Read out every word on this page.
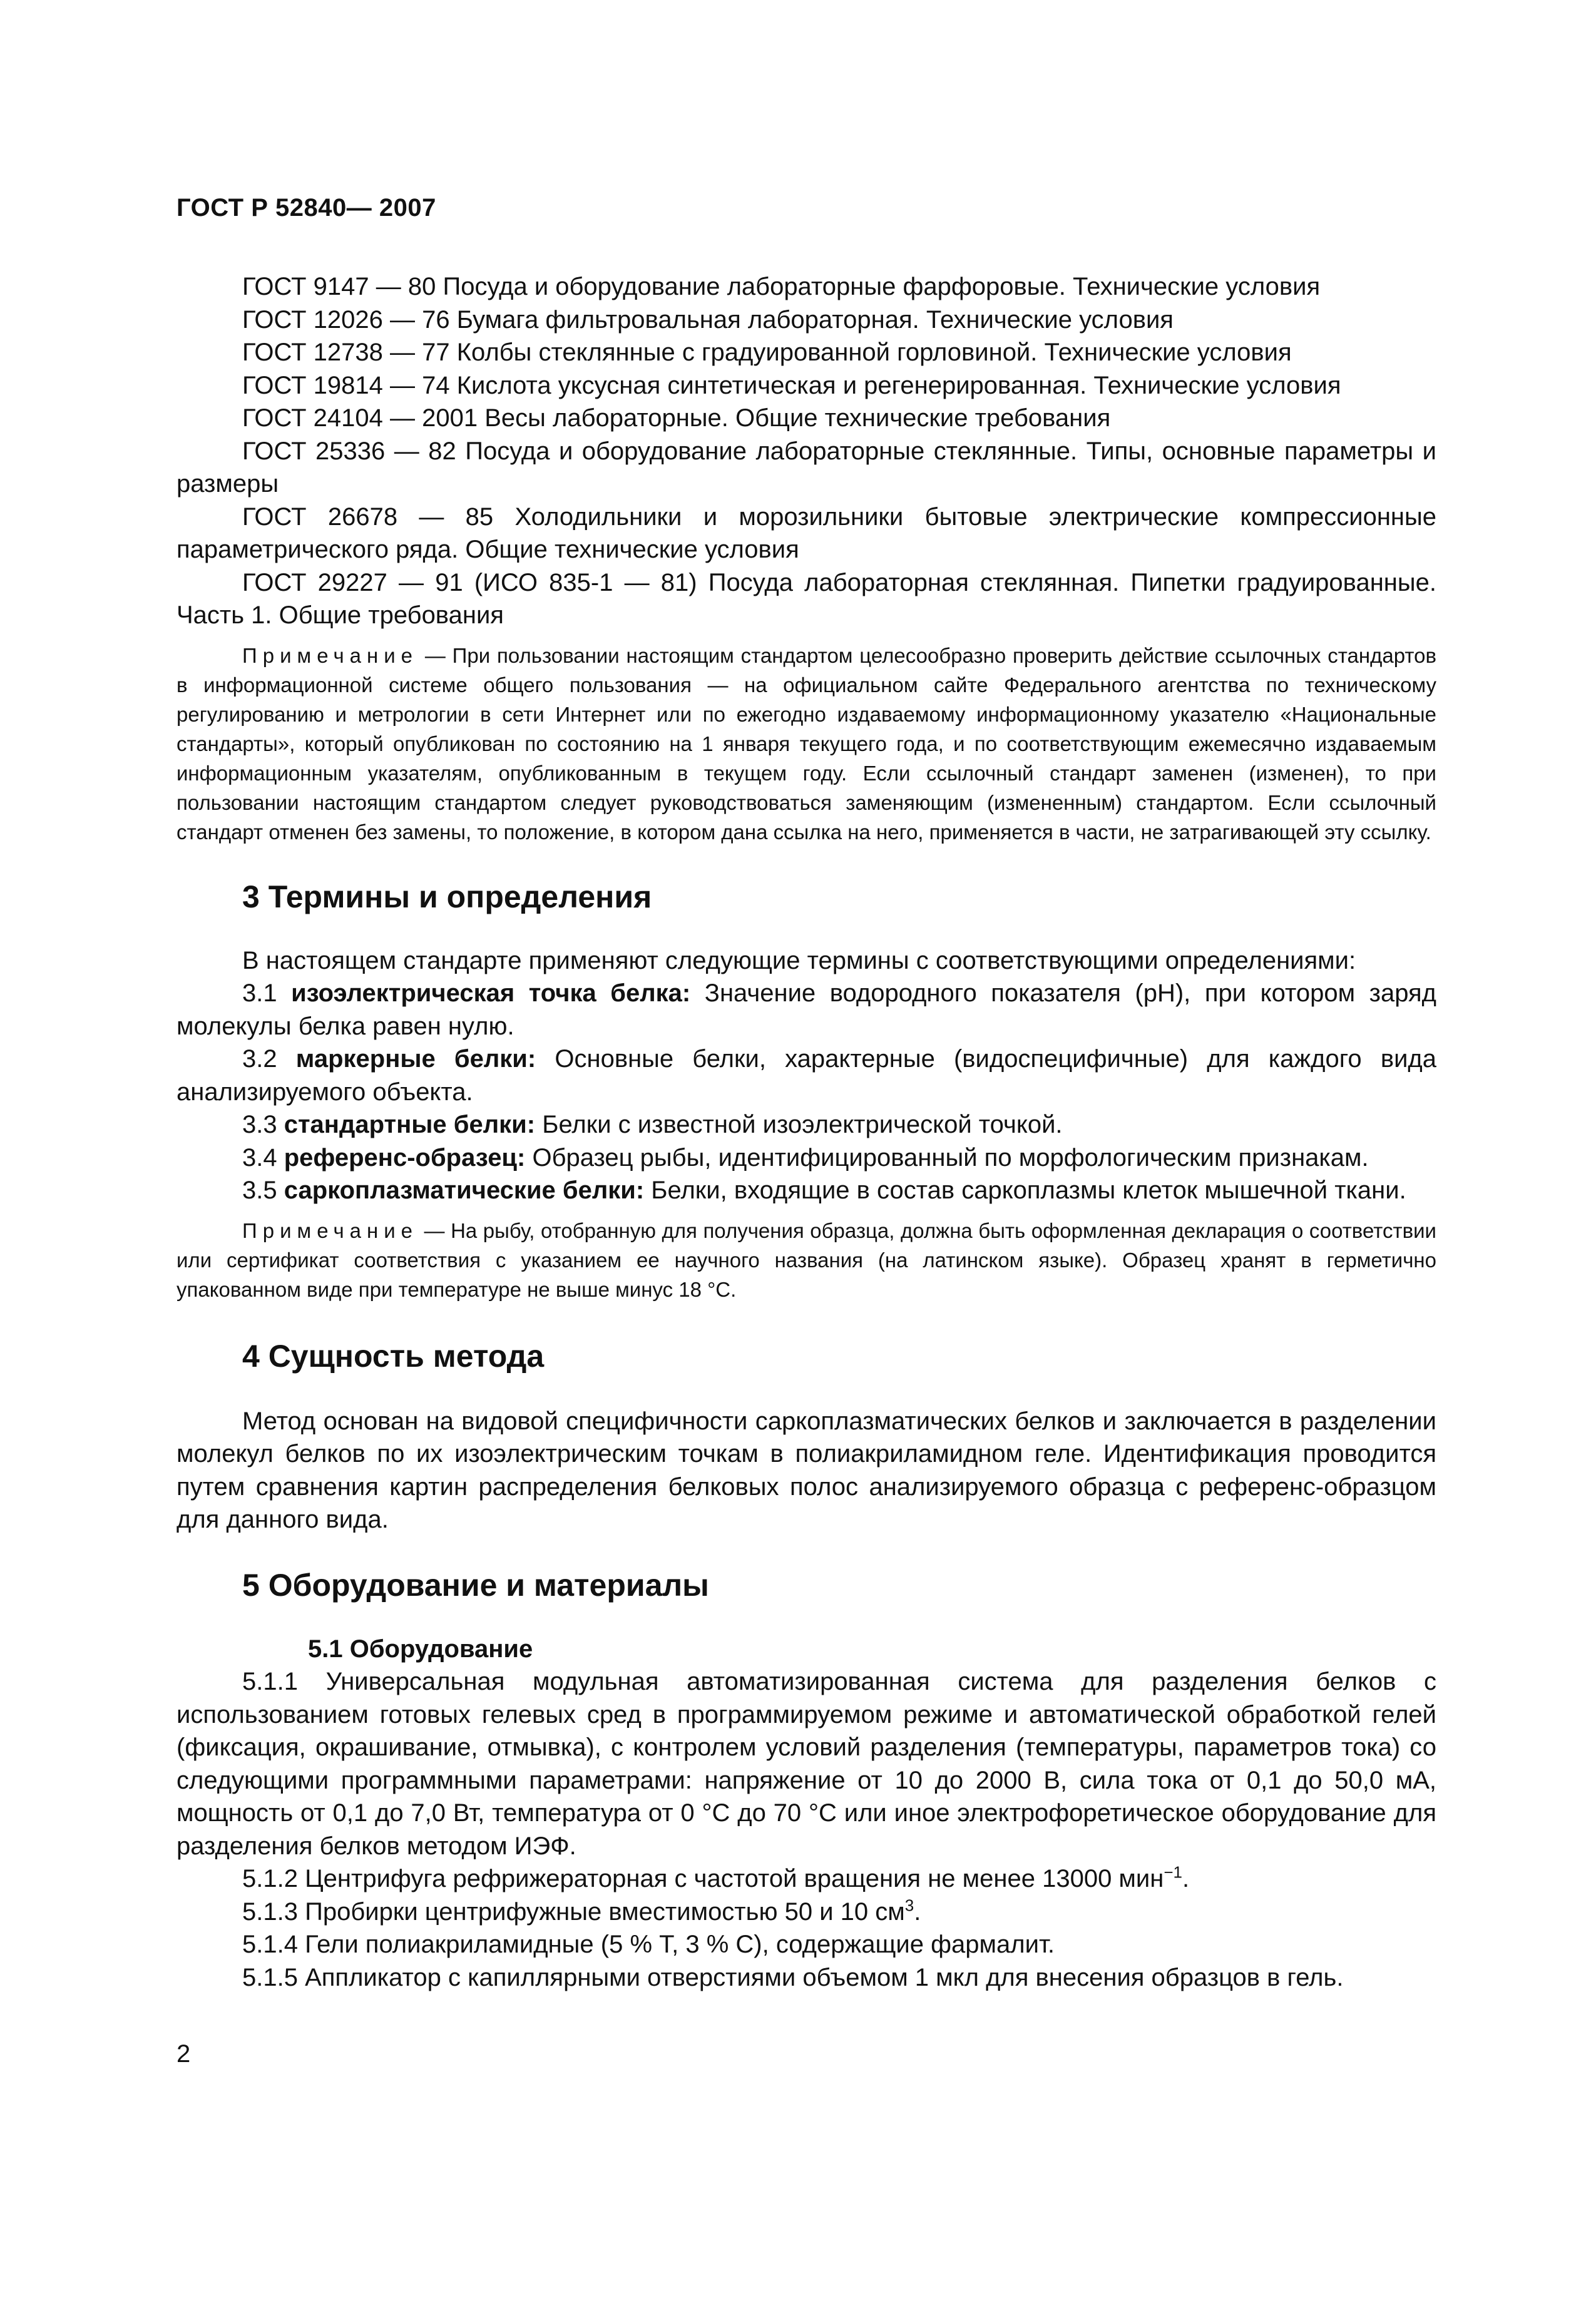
ГОСТ Р 52840— 2007

ГОСТ 9147 — 80 Посуда и оборудование лабораторные фарфоровые. Технические условия

ГОСТ 12026 — 76 Бумага фильтровальная лабораторная. Технические условия

ГОСТ 12738 — 77 Колбы стеклянные с градуированной горловиной. Технические условия

ГОСТ 19814 — 74 Кислота уксусная синтетическая и регенерированная. Технические условия

ГОСТ 24104 — 2001 Весы лабораторные. Общие технические требования

ГОСТ 25336 — 82 Посуда и оборудование лабораторные стеклянные. Типы, основные параметры и размеры

ГОСТ 26678 — 85 Холодильники и морозильники бытовые электрические компрессионные параметрического ряда. Общие технические условия

ГОСТ 29227 — 91 (ИСО 835-1 — 81) Посуда лабораторная стеклянная. Пипетки градуированные. Часть 1. Общие требования

Примечание — При пользовании настоящим стандартом целесообразно проверить действие ссылочных стандартов в информационной системе общего пользования — на официальном сайте Федерального агентства по техническому регулированию и метрологии в сети Интернет или по ежегодно издаваемому информационному указателю «Национальные стандарты», который опубликован по состоянию на 1 января текущего года, и по соответствующим ежемесячно издаваемым информационным указателям, опубликованным в текущем году. Если ссылочный стандарт заменен (изменен), то при пользовании настоящим стандартом следует руководствоваться заменяющим (измененным) стандартом. Если ссылочный стандарт отменен без замены, то положение, в котором дана ссылка на него, применяется в части, не затрагивающей эту ссылку.

3 Термины и определения

В настоящем стандарте применяют следующие термины с соответствующими определениями:

3.1 изоэлектрическая точка белка: Значение водородного показателя (pH), при котором заряд молекулы белка равен нулю.

3.2 маркерные белки: Основные белки, характерные (видоспецифичные) для каждого вида анализируемого объекта.

3.3 стандартные белки: Белки с известной изоэлектрической точкой.

3.4 референс-образец: Образец рыбы, идентифицированный по морфологическим признакам.

3.5 саркоплазматические белки: Белки, входящие в состав саркоплазмы клеток мышечной ткани.

Примечание — На рыбу, отобранную для получения образца, должна быть оформленная декларация о соответствии или сертификат соответствия с указанием ее научного названия (на латинском языке). Образец хранят в герметично упакованном виде при температуре не выше минус 18 °С.

4 Сущность метода

Метод основан на видовой специфичности саркоплазматических белков и заключается в разделении молекул белков по их изоэлектрическим точкам в полиакриламидном геле. Идентификация проводится путем сравнения картин распределения белковых полос анализируемого образца с референс-образцом для данного вида.

5 Оборудование и материалы

5.1 Оборудование

5.1.1 Универсальная модульная автоматизированная система для разделения белков с использованием готовых гелевых сред в программируемом режиме и автоматической обработкой гелей (фиксация, окрашивание, отмывка), с контролем условий разделения (температуры, параметров тока) со следующими программными параметрами: напряжение от 10 до 2000 В, сила тока от 0,1 до 50,0 мА, мощность от 0,1 до 7,0 Вт, температура от 0 °С до 70 °С или иное электрофоретическое оборудование для разделения белков методом ИЭФ.

5.1.2 Центрифуга рефрижераторная с частотой вращения не менее 13000 мин$^{-1}$.

5.1.3 Пробирки центрифужные вместимостью 50 и 10 $см^3$.

5.1.4 Гели полиакриламидные (5 % Т, 3 % С), содержащие фармалит.

5.1.5 Аппликатор с капиллярными отверстиями объемом 1 мкл для внесения образцов в гель.

2
